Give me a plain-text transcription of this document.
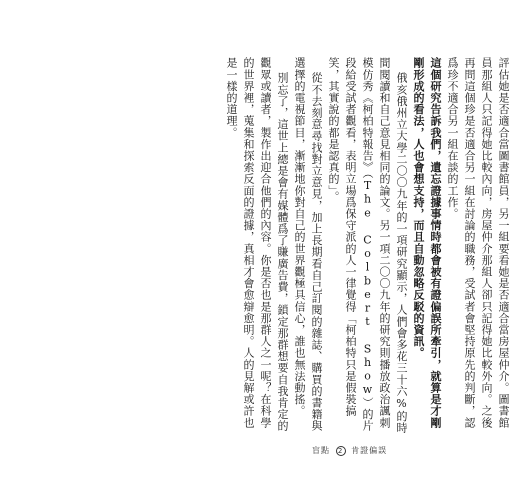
評估她是否適合當圖書館員，另一組要看她是否適合當房屋仲介。圖書館員那組人只記得她比較內向，房屋仲介那組人卻只記得她比較外向。之後再問這個珍是否適合另一組在討論的職務，受試者會堅持原先的判斷，認爲珍不適合另一組在談的工作。

這個研究告訴我們，遺忘證據事情時都會被有證偏誤所牽引，就算是才剛剛形成的看法，人也會想支持，而且自動忽略反駁的資訊。

俄亥俄州立大學二〇〇九年的一項研究顯示，人們會多花三十六%的時間閱讀和自己意見相同的論文。另一項二〇〇九年的研究則播放政治諷刺模仿秀《柯柏特報告》（The Colbert Show）的片段給受試者觀看，表明立場爲保守派的人一律覺得「柯柏特只是假裝搞笑，其實說的都是認真的」。

從不去刻意尋找對立意見，加上長期看自己訂閱的雜誌、購買的書籍與選擇的電視節目，漸漸地你對自己的世界觀極具信心，誰也無法動搖。

別忘了，這世上總是會有媒體爲了賺廣告費，鎖定那群想要自我肯定的觀眾或讀者，製作出迎合他們的內容。你是否也是那群人之一呢？在科學的世界裡，蒐集和探索反面的證據，真相才會愈辯愈明。人的見解或許也是一樣的道理。

盲點 2 肯證偏誤
